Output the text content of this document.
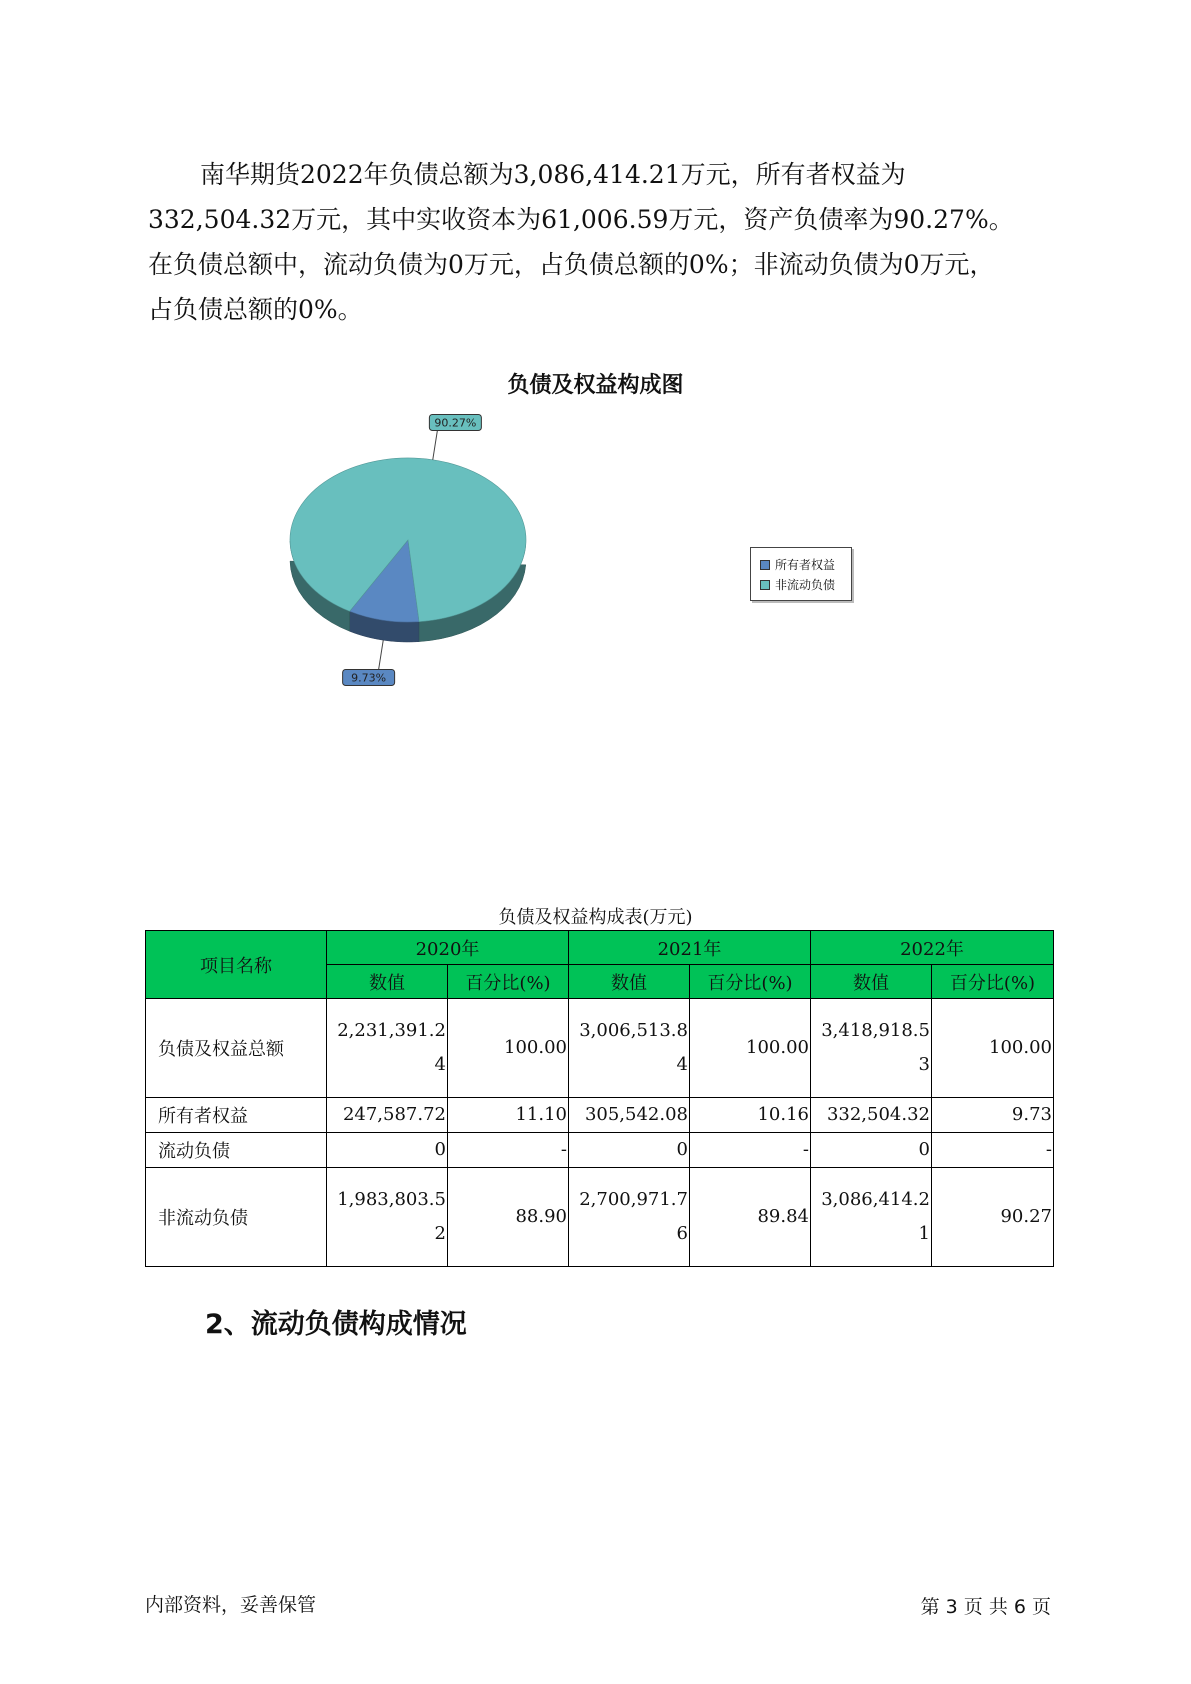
南华期货2022年负债总额为3,086,414.21万元，所有者权益为
332,504.32万元，其中实收资本为61,006.59万元，资产负债率为90.27%。
在负债总额中，流动负债为0万元，占负债总额的0%；非流动负债为0万元，
占负债总额的0%。
负债及权益构成图
9.73%
90.27%
所有者权益
非流动负债
负债及权益构成表(万元)
项目名称	2020年		2021年		2022年	
	数值	百分比(%)	数值	百分比(%)	数值	百分比(%)
负债及权益总额	2,231,391.24	100.00	3,006,513.84	100.00	3,418,918.53	100.00
所有者权益	247,587.72	11.10	305,542.08	10.16	332,504.32	9.73
流动负债	0	-	0	-	0	-
非流动负债	1,983,803.52	88.90	2,700,971.76	89.84	3,086,414.21	90.27
2、流动负债构成情况
内部资料，妥善保管	第 3 页 共 6 页
